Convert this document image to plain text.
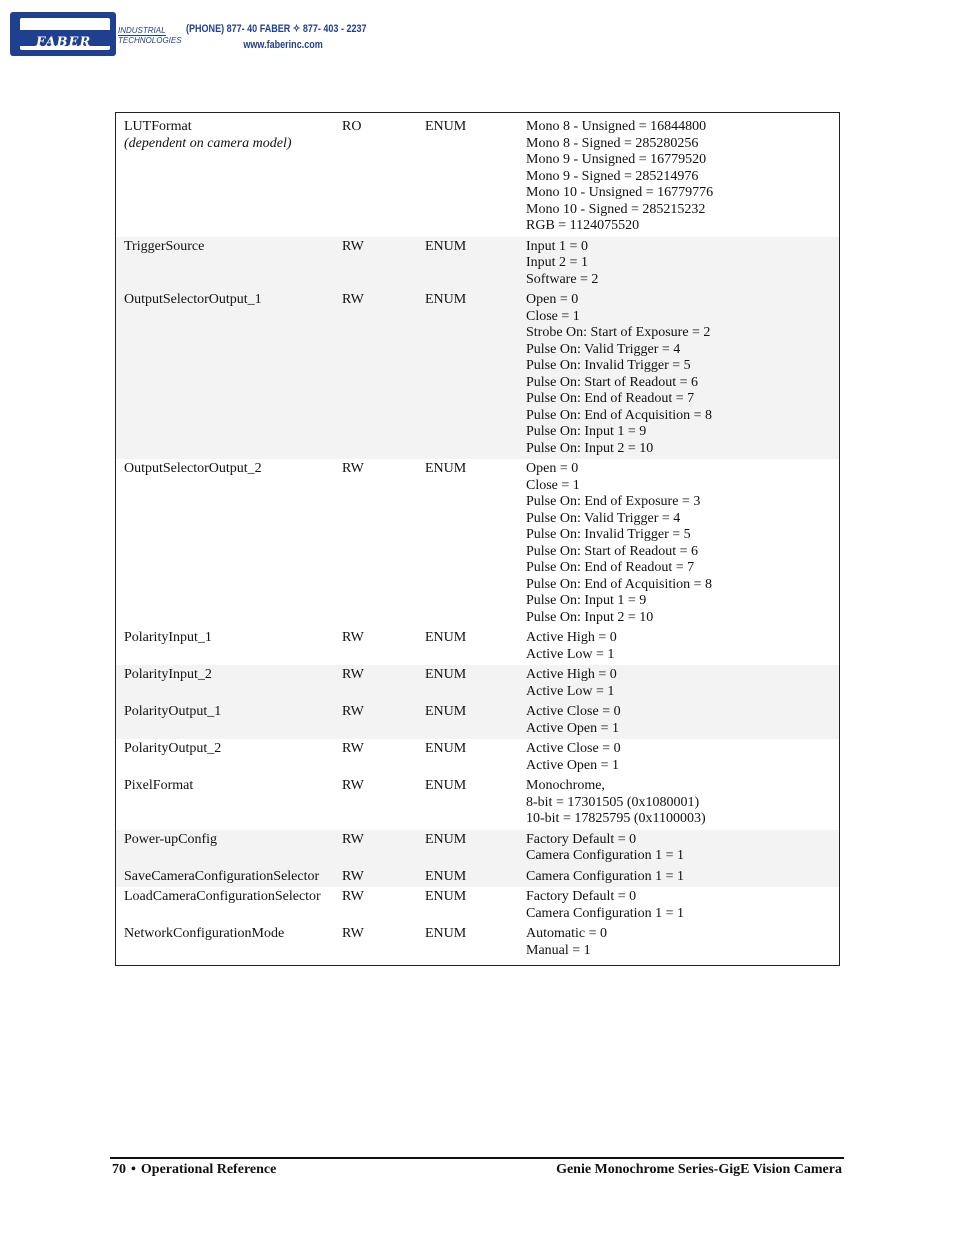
FABER
INDUSTRIAL
TECHNOLOGIES
(PHONE) 877- 40 FABER ✧ 877- 403 - 2237
www.faberinc.com
LUTFormat
(dependent on camera model)
RO	ENUM	Mono 8 - Unsigned = 16844800
Mono 8 - Signed = 285280256
Mono 9 - Unsigned = 16779520
Mono 9 - Signed = 285214976
Mono 10 - Unsigned = 16779776
Mono 10 - Signed = 285215232
RGB = 1124075520
TriggerSource	RW	ENUM	Input 1 = 0
Input 2 = 1
Software = 2
OutputSelectorOutput_1	RW	ENUM	Open = 0
Close = 1
Strobe On: Start of Exposure = 2
Pulse On: Valid Trigger = 4
Pulse On: Invalid Trigger = 5
Pulse On: Start of Readout = 6
Pulse On: End of Readout = 7
Pulse On: End of Acquisition = 8
Pulse On: Input 1 = 9
Pulse On: Input 2 = 10
OutputSelectorOutput_2	RW	ENUM	Open = 0
Close = 1
Pulse On: End of Exposure = 3
Pulse On: Valid Trigger = 4
Pulse On: Invalid Trigger = 5
Pulse On: Start of Readout = 6
Pulse On: End of Readout = 7
Pulse On: End of Acquisition = 8
Pulse On: Input 1 = 9
Pulse On: Input 2 = 10
PolarityInput_1	RW	ENUM	Active High = 0
Active Low = 1
PolarityInput_2	RW	ENUM	Active High = 0
Active Low = 1
PolarityOutput_1	RW	ENUM	Active Close = 0
Active Open = 1
PolarityOutput_2	RW	ENUM	Active Close = 0
Active Open = 1
PixelFormat	RW	ENUM	Monochrome,
8-bit = 17301505 (0x1080001)
10-bit = 17825795 (0x1100003)
Power-upConfig	RW	ENUM	Factory Default = 0
Camera Configuration 1 = 1
SaveCameraConfigurationSelector	RW	ENUM	Camera Configuration 1 = 1
LoadCameraConfigurationSelector	RW	ENUM	Factory Default = 0
Camera Configuration 1 = 1
NetworkConfigurationMode	RW	ENUM	Automatic = 0
Manual = 1
70 • Operational Reference	Genie Monochrome Series-GigE Vision Camera
